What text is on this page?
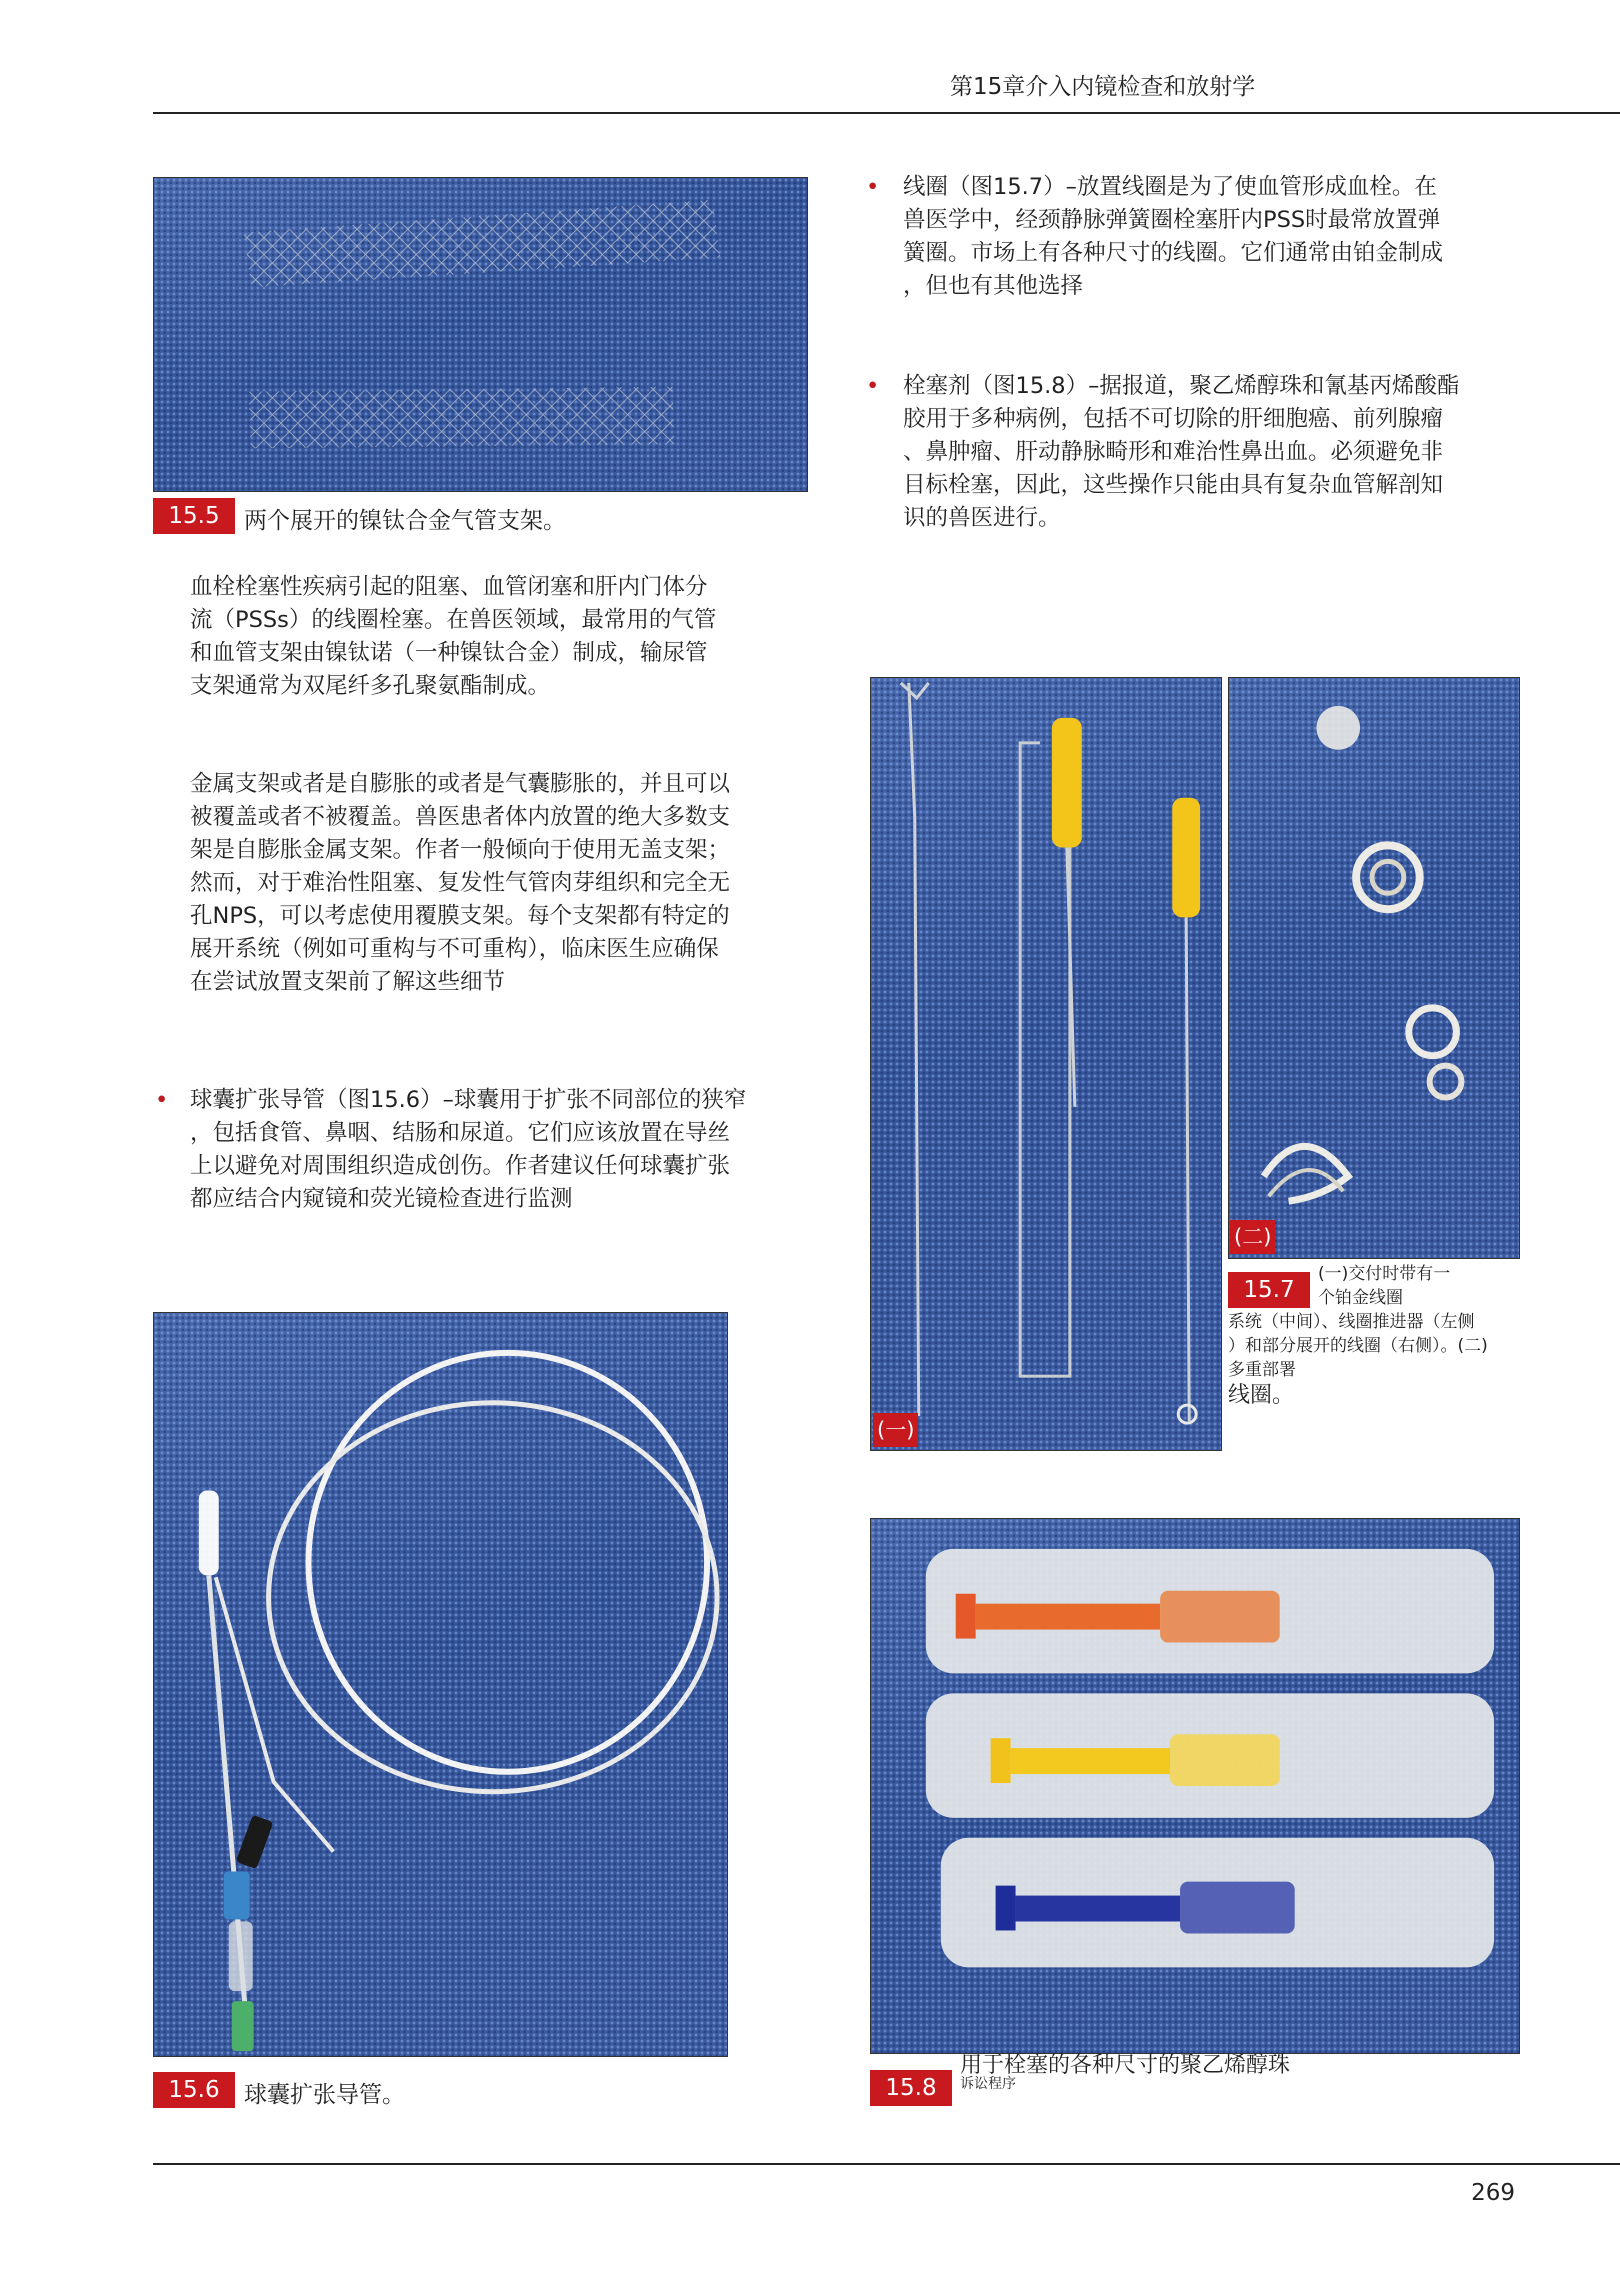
第15章介入内镜检查和放射学
15.5	两个展开的镍钛合金气管支架。

血栓栓塞性疾病引起的阻塞、血管闭塞和肝内门体分

流（PSSs）的线圈栓塞。在兽医领域，最常用的气管

和血管支架由镍钛诺（一种镍钛合金）制成，输尿管

支架通常为双尾纤多孔聚氨酯制成。

金属支架或者是自膨胀的或者是气囊膨胀的，并且可以

被覆盖或者不被覆盖。兽医患者体内放置的绝大多数支

架是自膨胀金属支架。作者一般倾向于使用无盖支架；

然而，对于难治性阻塞、复发性气管肉芽组织和完全无

孔NPS，可以考虑使用覆膜支架。每个支架都有特定的

展开系统（例如可重构与不可重构），临床医生应确保

在尝试放置支架前了解这些细节

• 球囊扩张导管（图15.6）–球囊用于扩张不同部位的狭窄

，包括食管、鼻咽、结肠和尿道。它们应该放置在导丝

上以避免对周围组织造成创伤。作者建议任何球囊扩张

都应结合内窥镜和荧光镜检查进行监测

15.6	球囊扩张导管。
• 线圈（图15.7）–放置线圈是为了使血管形成血栓。在

兽医学中，经颈静脉弹簧圈栓塞肝内PSS时最常放置弹

簧圈。市场上有各种尺寸的线圈。它们通常由铂金制成

，但也有其他选择

• 栓塞剂（图15.8）–据报道，聚乙烯醇珠和氰基丙烯酸酯

胶用于多种病例，包括不可切除的肝细胞癌、前列腺瘤

、鼻肿瘤、肝动静脉畸形和难治性鼻出血。必须避免非

目标栓塞，因此，这些操作只能由具有复杂血管解剖知

识的兽医进行。

(一)
(二)
15.7
(一)交付时带有一
个铂金线圈
系统（中间）、线圈推进器（左侧
）和部分展开的线圈（右侧）。(二)
多重部署
线圈。
15.8
用于栓塞的各种尺寸的聚乙烯醇珠
诉讼程序
269
